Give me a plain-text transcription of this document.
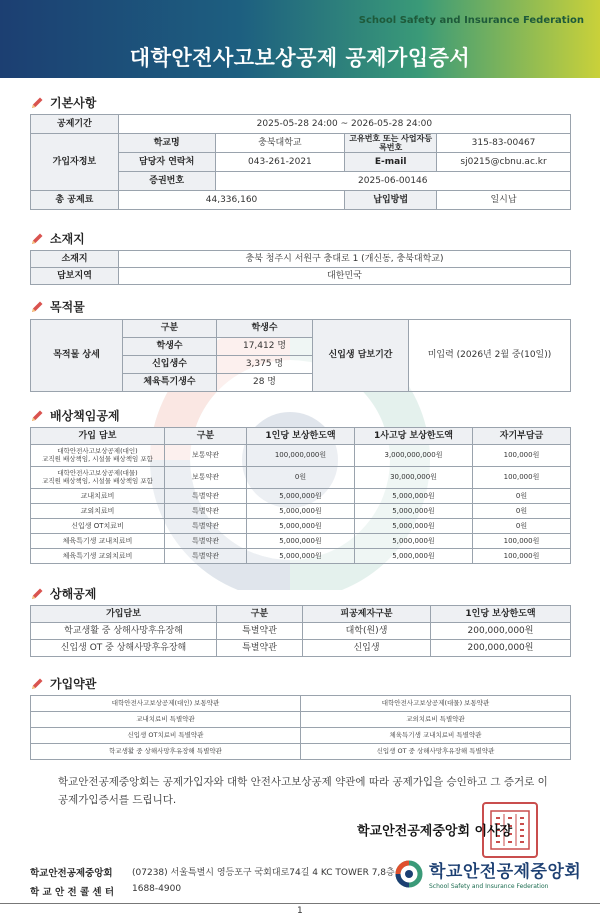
School Safety and Insurance Federation
대학안전사고보상공제 공제가입증서
기본사항
공제기간	2025-05-28 24:00 ~ 2026-05-28 24:00			
가입자정보	학교명	충북대학교	고유번호 또는 사업자등록번호	315-83-00467
	담당자 연락처	043-261-2021	E-mail	sj0215@cbnu.ac.kr
	증권번호	2025-06-00146		
총 공제료	44,336,160		납입방법	일시납
소재지
소재지	충북 청주시 서원구 충대로 1 (개신동, 충북대학교)
담보지역	대한민국
목적물
목적물 상세	구분	학생수	신입생 담보기간	미입력 (2026년 2월 중(10일))
	학생수	17,412 명		
	신입생수	3,375 명		
	체육특기생수	28 명		
배상책임공제
가입 담보	구분	1인당 보상한도액	1사고당 보상한도액	자기부담금
대학안전사고보상공제(대인)
교직원 배상책임, 시설물 배상책임 포함	보통약관	100,000,000원	3,000,000,000원	100,000원
대학안전사고보상공제(대물)
교직원 배상책임, 시설물 배상책임 포함	보통약관	0원	30,000,000원	100,000원
교내치료비	특별약관	5,000,000원	5,000,000원	0원
교외치료비	특별약관	5,000,000원	5,000,000원	0원
신입생 OT치료비	특별약관	5,000,000원	5,000,000원	0원
체육특기생 교내치료비	특별약관	5,000,000원	5,000,000원	100,000원
체육특기생 교외치료비	특별약관	5,000,000원	5,000,000원	100,000원
상해공제
가입담보	구분	피공제자구분	1인당 보상한도액
학교생활 중 상해사망후유장해	특별약관	대학(원)생	200,000,000원
신입생 OT 중 상해사망후유장해	특별약관	신입생	200,000,000원
가입약관
대학안전사고보상공제(대인) 보통약관	대학안전사고보상공제(대물) 보통약관
교내치료비 특별약관	교외치료비 특별약관
신입생 OT치료비 특별약관	체육특기생 교내치료비 특별약관
학교생활 중 상해사망후유장해 특별약관	신입생 OT 중 상해사망후유장해 특별약관
학교안전공제중앙회는 공제가입자와 대학 안전사고보상공제 약관에 따라 공제가입을 승인하고 그 증거로 이 공제가입증서를 드립니다.
학교안전공제중앙회 이사장
학교안전공제중앙회	(07238) 서울특별시 영등포구 국회대로74길 4 KC TOWER 7,8층
학 교 안 전 콜 센 터	1688-4900
학교안전공제중앙회
School Safety and Insurance Federation
1
